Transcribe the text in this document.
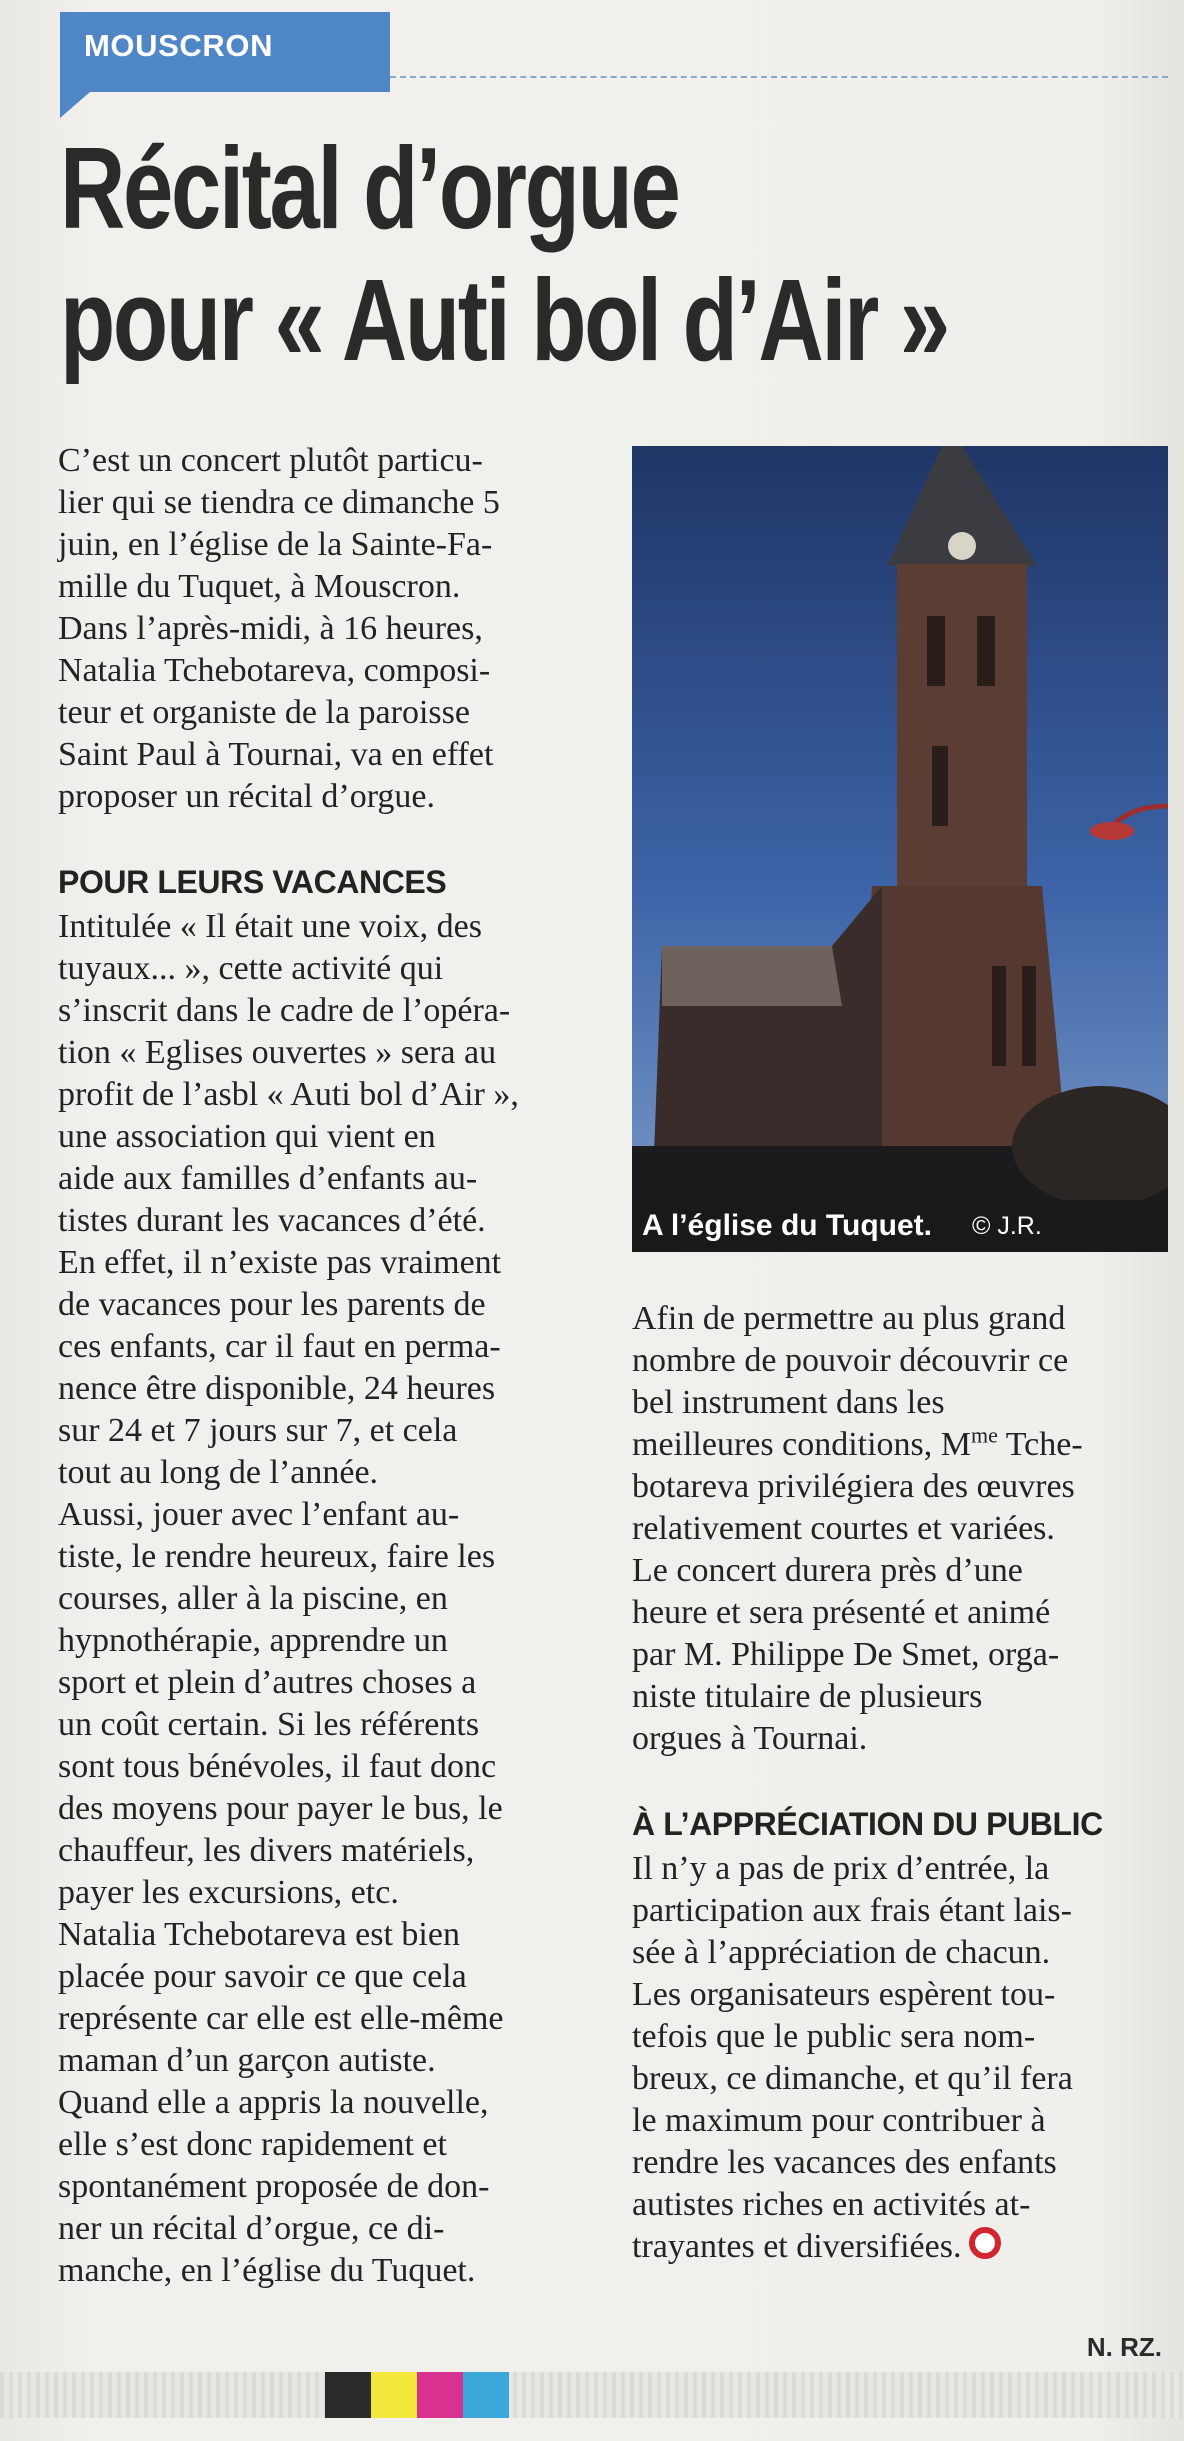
MOUSCRON
Récital d’orgue
pour « Auti bol d’Air »

C’est un concert plutôt particu-
lier qui se tiendra ce dimanche 5
juin, en l’église de la Sainte-Fa-
mille du Tuquet, à Mouscron.
Dans l’après-midi, à 16 heures,
Natalia Tchebotareva, composi-
teur et organiste de la paroisse
Saint Paul à Tournai, va en effet
proposer un récital d’orgue.

POUR LEURS VACANCES

Intitulée « Il était une voix, des
tuyaux... », cette activité qui
s’inscrit dans le cadre de l’opéra-
tion « Eglises ouvertes » sera au
profit de l’asbl « Auti bol d’Air »,
une association qui vient en
aide aux familles d’enfants au-
tistes durant les vacances d’été.
En effet, il n’existe pas vraiment
de vacances pour les parents de
ces enfants, car il faut en perma-
nence être disponible, 24 heures
sur 24 et 7 jours sur 7, et cela
tout au long de l’année.
Aussi, jouer avec l’enfant au-
tiste, le rendre heureux, faire les
courses, aller à la piscine, en
hypnothérapie, apprendre un
sport et plein d’autres choses a
un coût certain. Si les référents
sont tous bénévoles, il faut donc
des moyens pour payer le bus, le
chauffeur, les divers matériels,
payer les excursions, etc.
Natalia Tchebotareva est bien
placée pour savoir ce que cela
représente car elle est elle-même
maman d’un garçon autiste.
Quand elle a appris la nouvelle,
elle s’est donc rapidement et
spontanément proposée de don-
ner un récital d’orgue, ce di-
manche, en l’église du Tuquet.

A l’église du Tuquet. © J.R.

Afin de permettre au plus grand
nombre de pouvoir découvrir ce
bel instrument dans les
meilleures conditions, $M^{me}$ Tche-
botareva privilégiera des œuvres
relativement courtes et variées.
Le concert durera près d’une
heure et sera présenté et animé
par M. Philippe De Smet, orga-
niste titulaire de plusieurs
orgues à Tournai.

À L’APPRÉCIATION DU PUBLIC

Il n’y a pas de prix d’entrée, la
participation aux frais étant lais-
sée à l’appréciation de chacun.
Les organisateurs espèrent tou-
tefois que le public sera nom-
breux, ce dimanche, et qu’il fera
le maximum pour contribuer à
rendre les vacances des enfants
autistes riches en activités at-
trayantes et diversifiées.

N. RZ.
